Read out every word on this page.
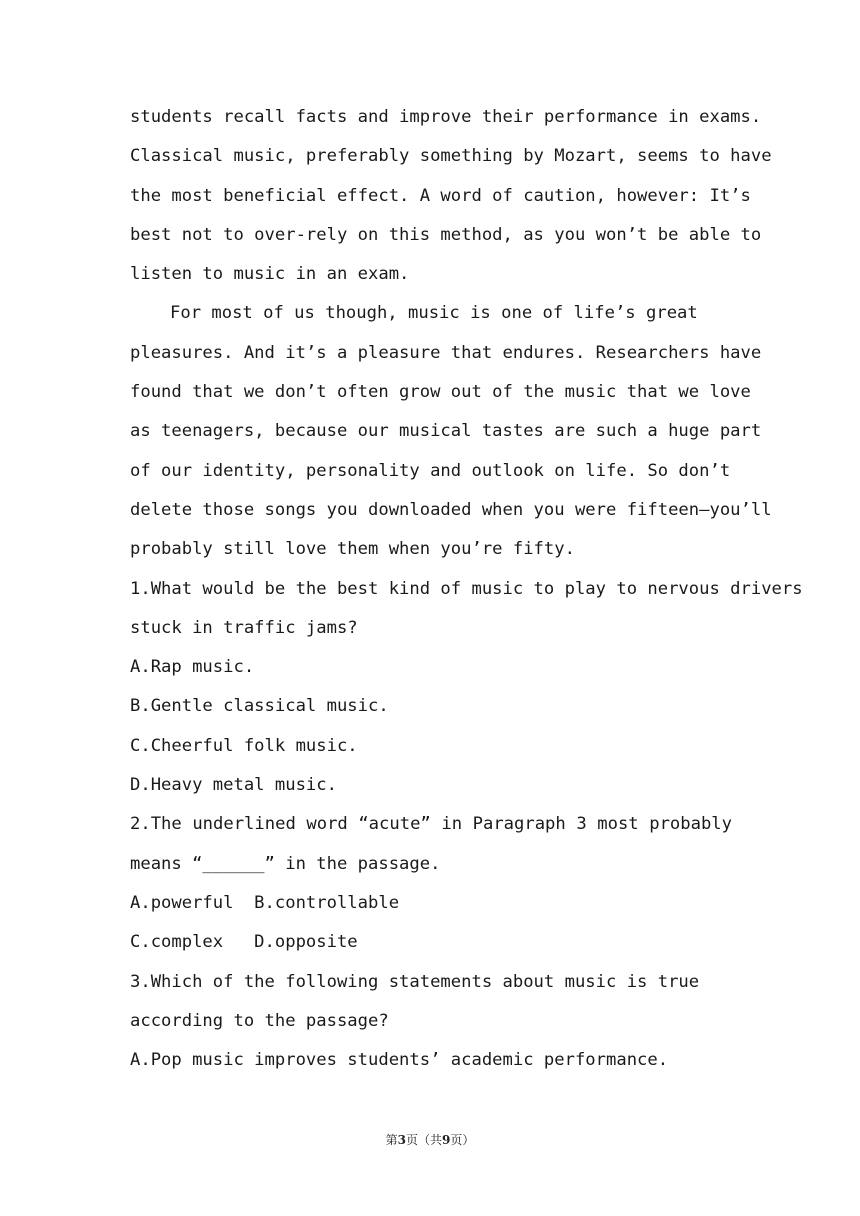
students recall facts and improve their performance in exams.
Classical music, preferably something by Mozart, seems to have
the most beneficial effect. A word of caution, however: It’s
best not to over-rely on this method, as you won’t be able to
listen to music in an exam.
For most of us though, music is one of life’s great
pleasures. And it’s a pleasure that endures. Researchers have
found that we don’t often grow out of the music that we love
as teenagers, because our musical tastes are such a huge part
of our identity, personality and outlook on life. So don’t
delete those songs you downloaded when you were fifteen—you’ll
probably still love them when you’re fifty.
1.What would be the best kind of music to play to nervous drivers
stuck in traffic jams?
A.Rap music.
B.Gentle classical music.
C.Cheerful folk music.
D.Heavy metal music.
2.The underlined word “acute” in Paragraph 3 most probably
means “______” in the passage.
A.powerful  B.controllable
C.complex   D.opposite
3.Which of the following statements about music is true
according to the passage?
A.Pop music improves students’ academic performance.
第3页（共9页）
